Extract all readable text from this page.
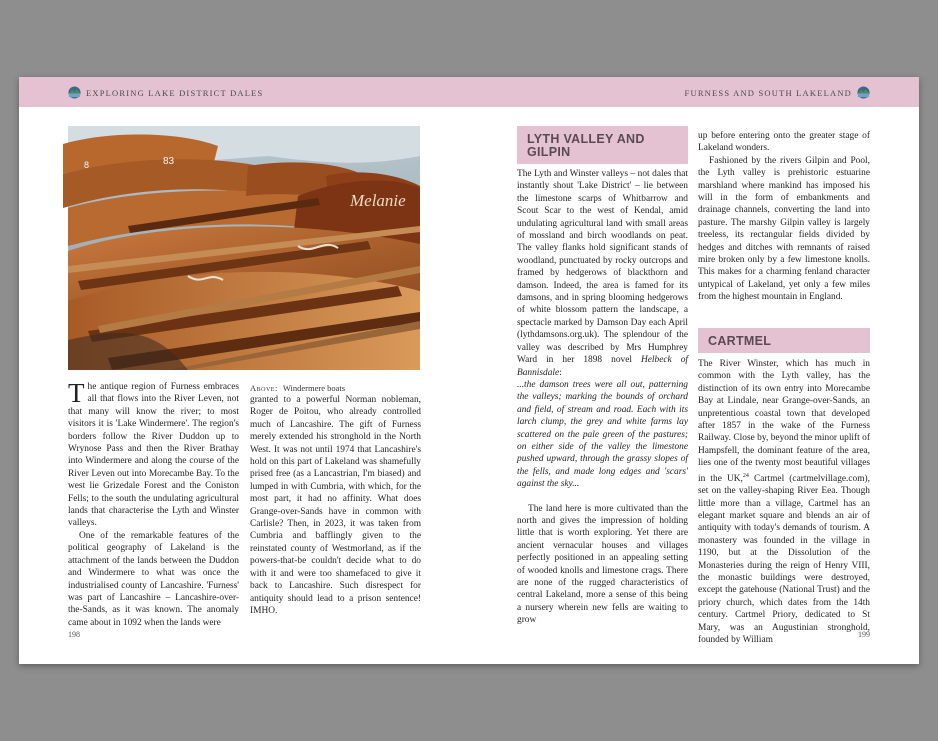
EXPLORING LAKE DISTRICT DALES	FURNESS AND SOUTH LAKELAND
Melanie
8	83
Above: Windermere boats

The antique region of Furness embraces all that flows into the River Leven, not that many will know the river; to most visitors it is 'Lake Windermere'. The region's borders follow the River Duddon up to Wrynose Pass and then the River Brathay into Windermere and along the course of the River Leven out into Morecambe Bay. To the west lie Grizedale Forest and the Coniston Fells; to the south the undulating agricultural lands that characterise the Lyth and Winster valleys.

One of the remarkable features of the political geography of Lakeland is the attachment of the lands between the Duddon and Windermere to what was once the industrialised county of Lancashire. 'Furness' was part of Lancashire – Lancashire-over-the-Sands, as it was known. The anomaly came about in 1092 when the lands were

granted to a powerful Norman nobleman, Roger de Poitou, who already controlled much of Lancashire. The gift of Furness merely extended his stronghold in the North West. It was not until 1974 that Lancashire's hold on this part of Lakeland was shamefully prised free (as a Lancastrian, I'm biased) and lumped in with Cumbria, with which, for the most part, it had no affinity. What does Grange-over-Sands have in common with Carlisle? Then, in 2023, it was taken from Cumbria and bafflingly given to the reinstated county of Westmorland, as if the powers-that-be couldn't decide what to do with it and were too shamefaced to give it back to Lancashire. Such disrespect for antiquity should lead to a prison sentence! IMHO.

LYTH VALLEY AND GILPIN

The Lyth and Winster valleys – not dales that instantly shout 'Lake District' – lie between the limestone scarps of Whitbarrow and Scout Scar to the west of Kendal, amid undulating agricultural land with small areas of mossland and birch woodlands on peat. The valley flanks hold significant stands of woodland, punctuated by rocky outcrops and framed by hedgerows of blackthorn and damson. Indeed, the area is famed for its damsons, and in spring blooming hedgerows of white blossom pattern the landscape, a spectacle marked by Damson Day each April (lythdamsons.org.uk). The splendour of the valley was described by Mrs Humphrey Ward in her 1898 novel Helbeck of Bannisdale:

...the damson trees were all out, patterning the valleys; marking the bounds of orchard and field, of stream and road. Each with its larch clump, the grey and white farms lay scattered on the pale green of the pastures; on either side of the valley the limestone pushed upward, through the grassy slopes of the fells, and made long edges and 'scars' against the sky...

The land here is more cultivated than the north and gives the impression of holding little that is worth exploring. Yet there are ancient vernacular houses and villages perfectly positioned in an appealing setting of wooded knolls and limestone crags. There are none of the rugged characteristics of central Lakeland, more a sense of this being a nursery wherein new fells are waiting to grow

up before entering onto the greater stage of Lakeland wonders.

Fashioned by the rivers Gilpin and Pool, the Lyth valley is prehistoric estuarine marshland where mankind has imposed his will in the form of embankments and drainage channels, converting the land into pasture. The marshy Gilpin valley is largely treeless, its rectangular fields divided by hedges and ditches with remnants of raised mire broken only by a few limestone knolls. This makes for a charming fenland character untypical of Lakeland, yet only a few miles from the highest mountain in England.

CARTMEL

The River Winster, which has much in common with the Lyth valley, has the distinction of its own entry into Morecambe Bay at Lindale, near Grange-over-Sands, an unpretentious coastal town that developed after 1857 in the wake of the Furness Railway. Close by, beyond the minor uplift of Hampsfell, the dominant feature of the area, lies one of the twenty most beautiful villages in the UK,$^{24}$ Cartmel (cartmelvillage.com), set on the valley-shaping River Eea. Though little more than a village, Cartmel has an elegant market square and blends an air of antiquity with today's demands of tourism. A monastery was founded in the village in 1190, but at the Dissolution of the Monasteries during the reign of Henry VIII, the monastic buildings were destroyed, except the gatehouse (National Trust) and the priory church, which dates from the 14th century. Cartmel Priory, dedicated to St Mary, was an Augustinian stronghold, founded by William

198	199
